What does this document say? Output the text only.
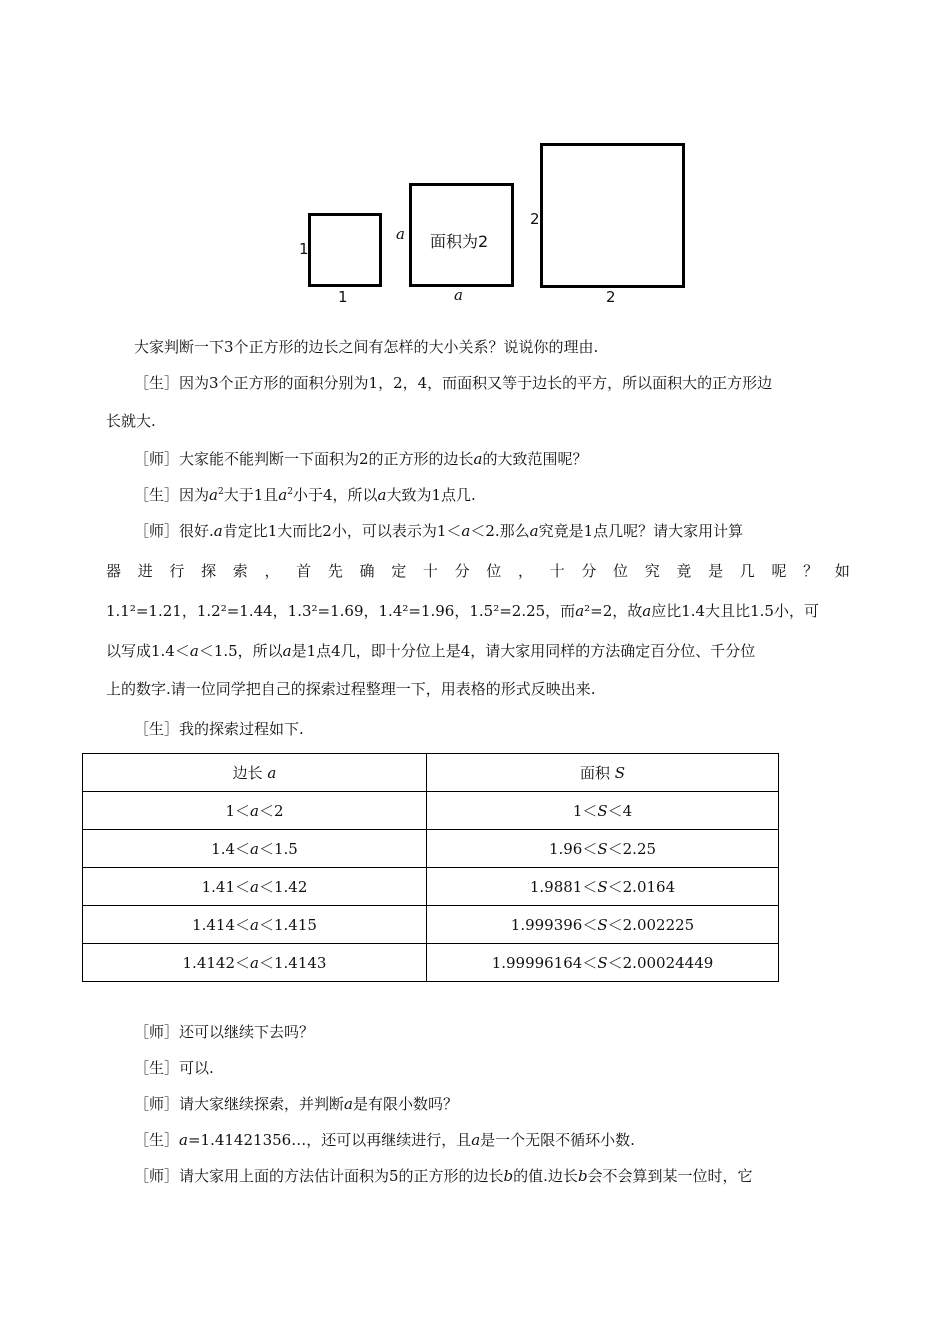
1
1
a
a
面积为2
2
2
大家判断一下3个正方形的边长之间有怎样的大小关系？说说你的理由.
［生］因为3个正方形的面积分别为1，2，4，而面积又等于边长的平方，所以面积大的正方形边
长就大.
［师］大家能不能判断一下面积为2的正方形的边长a的大致范围呢？
［生］因为$a^2$大于1且$a^2$小于4，所以a大致为1点几.
［师］很好.a肯定比1大而比2小，可以表示为1＜a＜2.那么a究竟是1点几呢？请大家用计算
器 进 行 探 索 ， 首 先 确 定 十 分 位 ， 十 分 位 究 竟 是 几 呢 ？ 如
1.1²=1.21，1.2²=1.44，1.3²=1.69，1.4²=1.96，1.5²=2.25，而a²=2，故a应比1.4大且比1.5小，可
以写成1.4＜a＜1.5，所以a是1点4几，即十分位上是4，请大家用同样的方法确定百分位、千分位
上的数字.请一位同学把自己的探索过程整理一下，用表格的形式反映出来.
［生］我的探索过程如下.
边长 a	面积 S
1＜a＜2	1＜S＜4
1.4＜a＜1.5	1.96＜S＜2.25
1.41＜a＜1.42	1.9881＜S＜2.0164
1.414＜a＜1.415	1.999396＜S＜2.002225
1.4142＜a＜1.4143	1.99996164＜S＜2.00024449
［师］还可以继续下去吗？
［生］可以.
［师］请大家继续探索，并判断a是有限小数吗？
［生］a=1.41421356…，还可以再继续进行，且a是一个无限不循环小数.
［师］请大家用上面的方法估计面积为5的正方形的边长b的值.边长b会不会算到某一位时，它
